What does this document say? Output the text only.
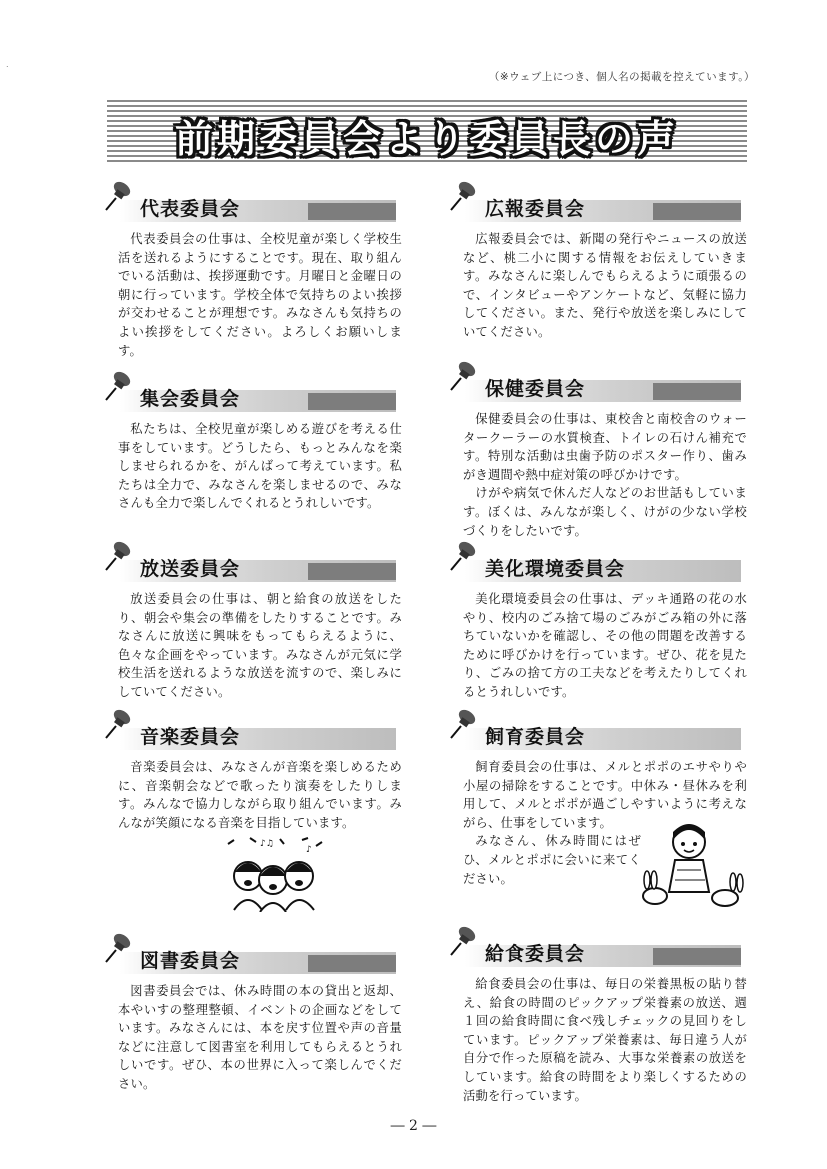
.
（※ウェブ上につき、個人名の掲載を控えています。）
前期委員会より委員長の声
代表委員会
代表委員会の仕事は、全校児童が楽しく学校生活を送れるようにすることです。現在、取り組んでいる活動は、挨拶運動です。月曜日と金曜日の朝に行っています。学校全体で気持ちのよい挨拶が交わせることが理想です。みなさんも気持ちのよい挨拶をしてください。よろしくお願いします。
集会委員会
私たちは、全校児童が楽しめる遊びを考える仕事をしています。どうしたら、もっとみんなを楽しませられるかを、がんばって考えています。私たちは全力で、みなさんを楽しませるので、みなさんも全力で楽しんでくれるとうれしいです。
放送委員会
放送委員会の仕事は、朝と給食の放送をしたり、朝会や集会の準備をしたりすることです。みなさんに放送に興味をもってもらえるように、色々な企画をやっています。みなさんが元気に学校生活を送れるような放送を流すので、楽しみにしていてください。
音楽委員会
音楽委員会は、みなさんが音楽を楽しめるために、音楽朝会などで歌ったり演奏をしたりします。みんなで協力しながら取り組んでいます。みんなが笑顔になる音楽を目指しています。
図書委員会
図書委員会では、休み時間の本の貸出と返却、本やいすの整理整頓、イベントの企画などをしています。みなさんには、本を戻す位置や声の音量などに注意して図書室を利用してもらえるとうれしいです。ぜひ、本の世界に入って楽しんでください。
♪♫
♪
広報委員会
広報委員会では、新聞の発行やニュースの放送など、桃二小に関する情報をお伝えしていきます。みなさんに楽しんでもらえるように頑張るので、インタビューやアンケートなど、気軽に協力してください。また、発行や放送を楽しみにしていてください。
保健委員会

保健委員会の仕事は、東校舎と南校舎のウォータークーラーの水質検査、トイレの石けん補充です。特別な活動は虫歯予防のポスター作り、歯みがき週間や熱中症対策の呼びかけです。

けがや病気で休んだ人などのお世話もしています。ぼくは、みんなが楽しく、けがの少ない学校づくりをしたいです。

美化環境委員会
美化環境委員会の仕事は、デッキ通路の花の水やり、校内のごみ捨て場のごみがごみ箱の外に落ちていないかを確認し、その他の問題を改善するために呼びかけを行っています。ぜひ、花を見たり、ごみの捨て方の工夫などを考えたりしてくれるとうれしいです。
飼育委員会

飼育委員会の仕事は、メルとポポのエサやりや小屋の掃除をすることです。中休み・昼休みを利用して、メルとポポが過ごしやすいように考えながら、仕事をしています。

みなさん、休み時間にはぜひ、メルとポポに会いに来てください。

給食委員会
給食委員会の仕事は、毎日の栄養黒板の貼り替え、給食の時間のピックアップ栄養素の放送、週１回の給食時間に食べ残しチェックの見回りをしています。ピックアップ栄養素は、毎日違う人が自分で作った原稿を読み、大事な栄養素の放送をしています。給食の時間をより楽しくするための活動を行っています。
― 2 ―
